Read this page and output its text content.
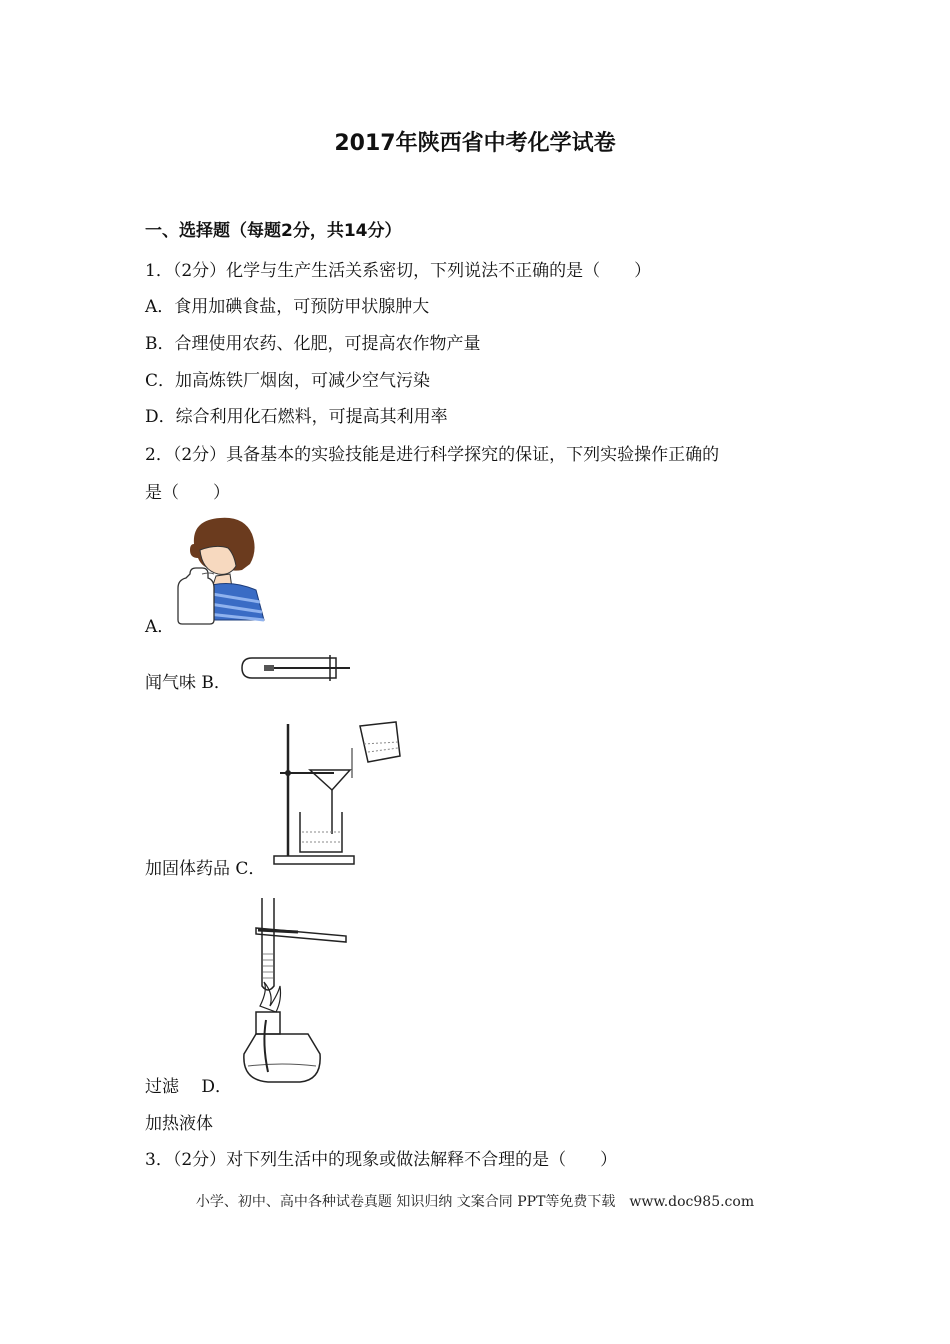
2017年陕西省中考化学试卷
一、选择题（每题2分，共14分）
1．（2分）化学与生产生活关系密切，下列说法不正确的是（　　）
A．食用加碘食盐，可预防甲状腺肿大
B．合理使用农药、化肥，可提高农作物产量
C．加高炼铁厂烟囱，可减少空气污染
D．综合利用化石燃料，可提高其利用率
2．（2分）具备基本的实验技能是进行科学探究的保证，下列实验操作正确的
是（　　）
A．
闻气味 B．
加固体药品 C．
过滤　 D．
加热液体
3．（2分）对下列生活中的现象或做法解释不合理的是（　　）
小学、初中、高中各种试卷真题 知识归纳 文案合同 PPT等免费下载　www.doc985.com
